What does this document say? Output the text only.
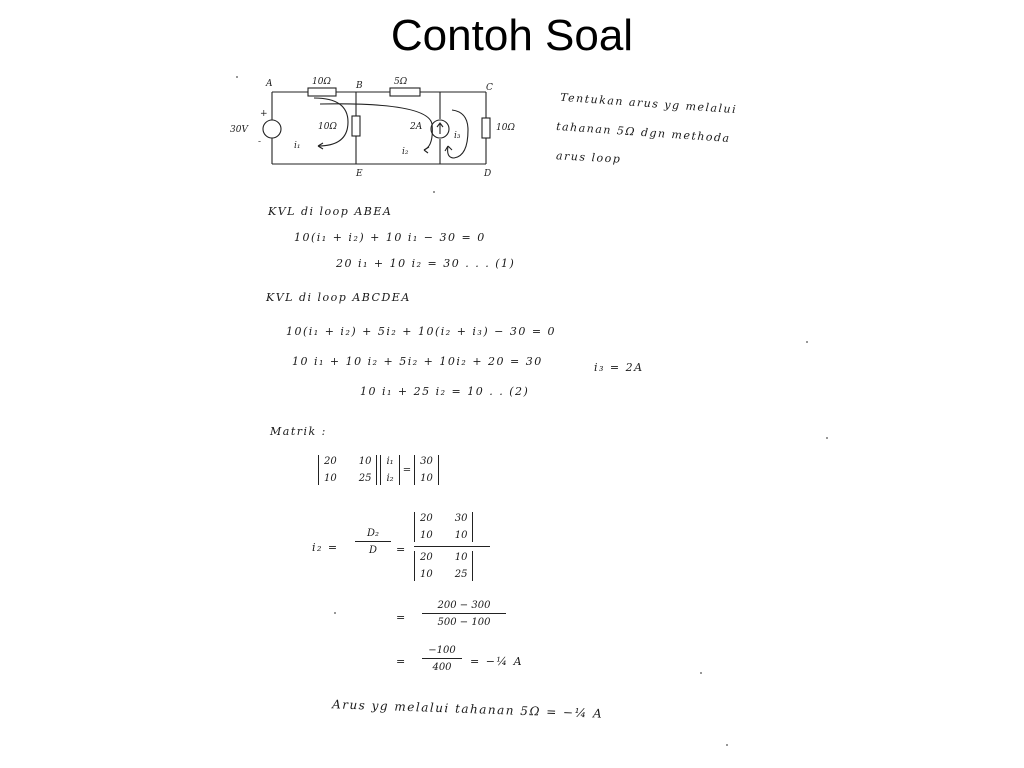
Contoh Soal
A	B	C
E	D
30V
+
-
10Ω	5Ω
10Ω	10Ω
2A
i₁
i₂
i₃
Tentukan arus yg melalui
tahanan 5Ω dgn methoda
arus loop
KVL di loop ABEA
10(i₁ + i₂) + 10 i₁ − 30 = 0
20 i₁ + 10 i₂ = 30 . . . (1)
KVL di loop ABCDEA
10(i₁ + i₂) + 5i₂ + 10(i₂ + i₃) − 30 = 0
10 i₁ + 10 i₂ + 5i₂ + 10i₂ + 20 = 30	i₃ = 2A
10 i₁ + 25 i₂ = 10 . . (2)
Matrik :
20 10
10 25
i₁
i₂
=
30
10
$i_2 = \frac{\text{D₂}}{D}$ =
20 30
10 10
20 10
10 25
= $\frac{200 - 300}{500 - 100}$
= $\frac{-100}{400}$ = −¼ A
Arus yg melalui tahanan 5Ω = −¼ A
